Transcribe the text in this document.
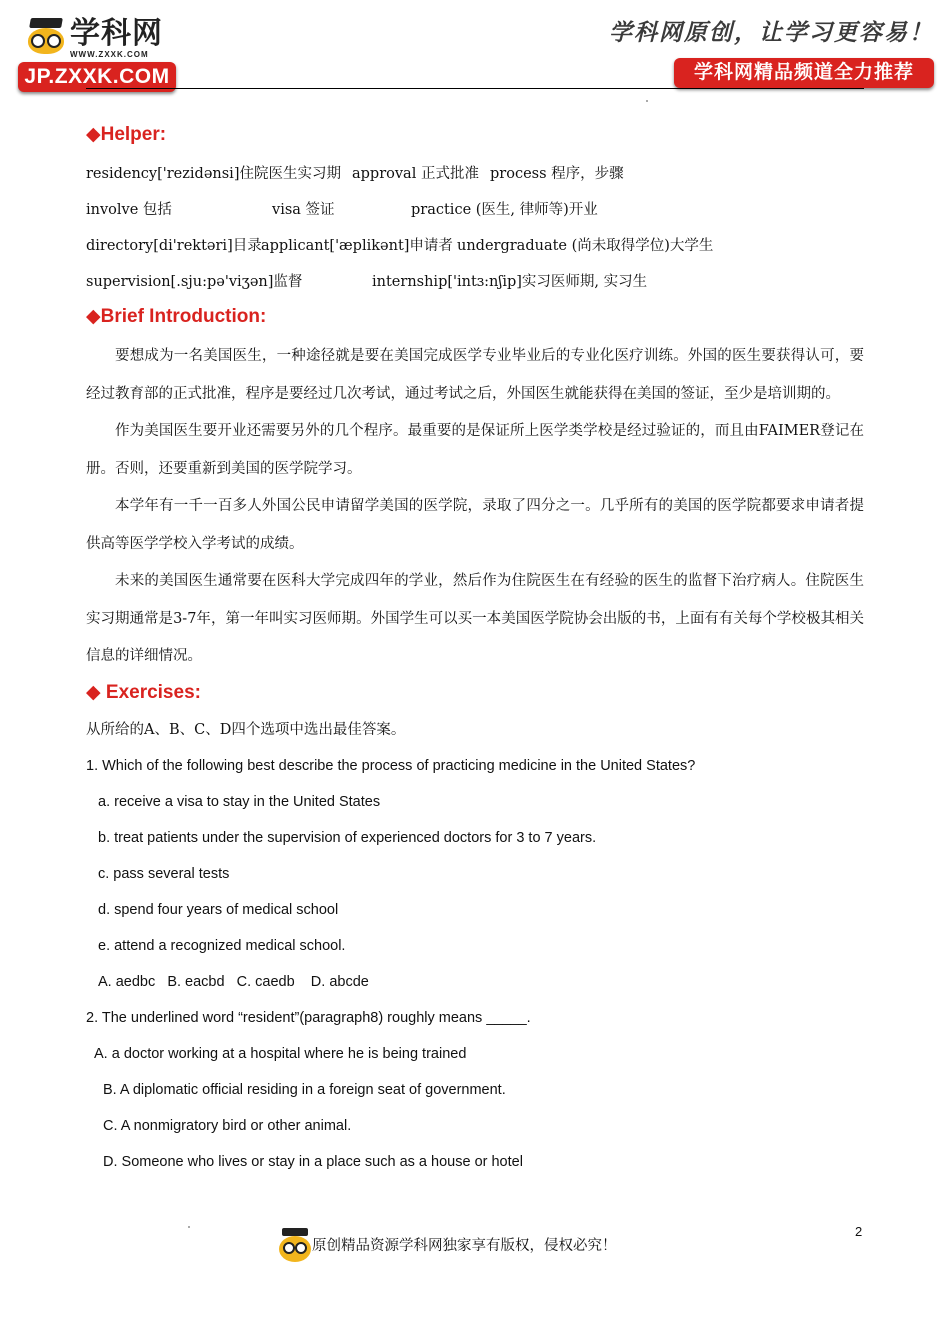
学科网
WWW.ZXXK.COM
JP.ZXXK.COM
学科网原创，让学习更容易！
学科网精品频道全力推荐
◆Helper:
residency['rezidənsi]住院医生实习期 approval 正式批准 process 程序，步骤
involve 包括	visa 签证	practice (医生, 律师等)开业
directory[di'rektəri]目录 applicant['æplikənt]申请者 undergraduate (尚未取得学位)大学生
supervision[.sju:pə'viʒən]监督	internship['intɜ:nʃip]实习医师期, 实习生
◆Brief Introduction:

要想成为一名美国医生，一种途径就是要在美国完成医学专业毕业后的专业化医疗训练。外国的医生要获得认可，要经过教育部的正式批准，程序是要经过几次考试，通过考试之后，外国医生就能获得在美国的签证，至少是培训期的。

作为美国医生要开业还需要另外的几个程序。最重要的是保证所上医学类学校是经过验证的，而且由FAIMER登记在册。否则，还要重新到美国的医学院学习。

本学年有一千一百多人外国公民申请留学美国的医学院，录取了四分之一。几乎所有的美国的医学院都要求申请者提供高等医学学校入学考试的成绩。

未来的美国医生通常要在医科大学完成四年的学业，然后作为住院医生在有经验的医生的监督下治疗病人。住院医生实习期通常是3-7年，第一年叫实习医师期。外国学生可以买一本美国医学院协会出版的书，上面有有关每个学校极其相关信息的详细情况。

◆ Exercises:
从所给的A、B、C、D四个选项中选出最佳答案。
1. Which of the following best describe the process of practicing medicine in the United States?
a. receive a visa to stay in the United States
b. treat patients under the supervision of experienced doctors for 3 to 7 years.
c. pass several tests
d. spend four years of medical school
e. attend a recognized medical school.
A. aedbc   B. eacbd   C. caedb    D. abcde
2. The underlined word “resident”(paragraph8) roughly means _____.
A. a doctor working at a hospital where he is being trained
B. A diplomatic official residing in a foreign seat of government.
C. A nonmigratory bird or other animal.
D. Someone who lives or stay in a place such as a house or hotel
原创精品资源学科网独家享有版权，侵权必究！
2
